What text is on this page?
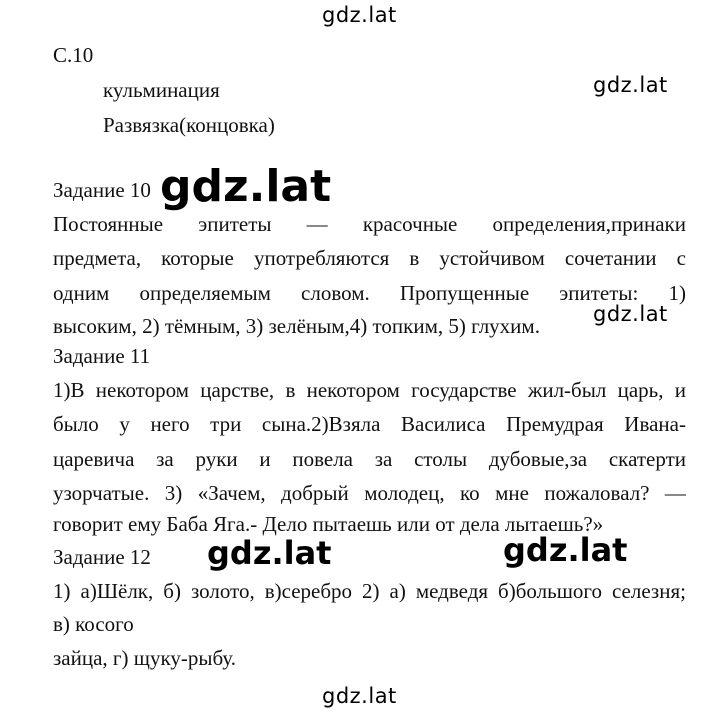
gdz.lat
gdz.lat
gdz.lat
gdz.lat
gdz.lat	gdz.lat
gdz.lat
С.10
кульминация
Развязка(концовка)
Задание 10
Постоянные эпитеты — красочные определения,принаки
предмета, которые употребляются в устойчивом сочетании с
одним определяемым словом. Пропущенные эпитеты: 1)
высоким, 2) тёмным, 3) зелёным,4) топким, 5) глухим.
Задание 11
1)В некотором царстве, в некотором государстве жил-был царь, и
было у него три сына.2)Взяла Василиса Премудрая Ивана-
царевича за руки и повела за столы дубовые,за скатерти
узорчатые. 3) «Зачем, добрый молодец, ко мне пожаловал? —
говорит ему Баба Яга.- Дело пытаешь или от дела лытаешь?»
Задание 12
1) а)Шёлк, б) золото, в)серебро 2) а) медведя б)большого селезня;
в) косого
зайца, г) щуку-рыбу.
